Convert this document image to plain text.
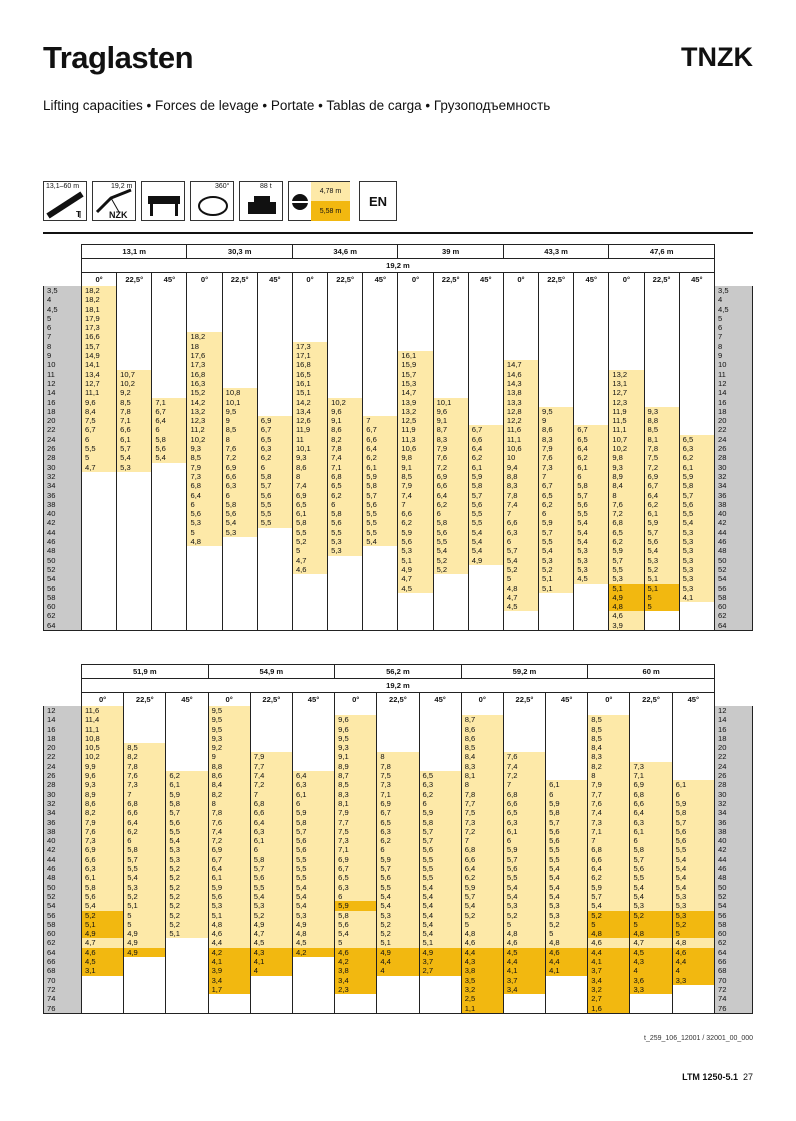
Traglasten	TNZK
Lifting capacities • Forces de levage • Portate • Tablas de carga • Грузоподъемность
13,1–60 m
T
19,2 m
NZK
360°	88 t
4,78 m
5,58 m
EN
	13,1 m			30,3 m			34,6 m			39 m			43,3 m			47,6 m			
	19,2 m																		
	0°	22,5°	45°	0°	22,5°	45°	0°	22,5°	45°	0°	22,5°	45°	0°	22,5°	45°	0°	22,5°	45°	
3,5	18,2																		3,5
4	18,2																		4
4,5	18,1																		4,5
5	17,9																		5
6	17,3																		6
7	16,6			18,2															7
8	15,7			18			17,3												8
9	14,9			17,6			17,1			16,1									9
10	14,1			17,3			16,8			15,9			14,7						10
11	13,4	10,7		16,8			16,5			15,7			14,6			13,2			11
12	12,7	10,2		16,3			16,1			15,3			14,3			13,1			12
14	11,1	9,2		15,2	10,8		15,1			14,7			13,8			12,7			14
16	9,6	8,5	7,1	14,2	10,1		14,2	10,2		13,9	10,1		13,3			12,3			16
18	8,4	7,8	6,7	13,2	9,5		13,4	9,6		13,2	9,6		12,8	9,5		11,9	9,3		18
20	7,5	7,1	6,4	12,3	9	6,9	12,6	9,1	7	12,5	9,1		12,2	9		11,5	8,8		20
22	6,7	6,6	6	11,2	8,5	6,7	11,9	8,6	6,7	11,9	8,7	6,7	11,6	8,6	6,7	11,1	8,5		22
24	6	6,1	5,8	10,2	8	6,5	11	8,2	6,6	11,3	8,3	6,6	11,1	8,3	6,5	10,7	8,1	6,5	24
26	5,5	5,7	5,6	9,3	7,6	6,3	10,1	7,8	6,4	10,6	7,9	6,4	10,6	7,9	6,4	10,2	7,8	6,3	26
28	5	5,4	5,4	8,5	7,2	6,2	9,3	7,4	6,2	9,8	7,6	6,2	10	7,6	6,2	9,8	7,5	6,2	28
30	4,7	5,3		7,9	6,9	6	8,6	7,1	6,1	9,1	7,2	6,1	9,4	7,3	6,1	9,3	7,2	6,1	30
32				7,3	6,6	5,8	8	6,8	5,9	8,5	6,9	5,9	8,8	7	6	8,9	6,9	5,9	32
34				6,8	6,3	5,7	7,4	6,5	5,8	7,9	6,6	5,8	8,3	6,7	5,8	8,4	6,7	5,8	34
36				6,4	6	5,6	6,9	6,2	5,7	7,4	6,4	5,7	7,8	6,5	5,7	8	6,4	5,7	36
38				6	5,8	5,5	6,5	6	5,6	7	6,2	5,6	7,4	6,2	5,6	7,6	6,2	5,6	38
40				5,6	5,6	5,5	6,1	5,8	5,5	6,6	6	5,5	7	6	5,5	7,2	6,1	5,5	40
42				5,3	5,4	5,5	5,8	5,6	5,5	6,2	5,8	5,5	6,6	5,9	5,4	6,8	5,9	5,4	42
44				5	5,3		5,5	5,5	5,5	5,9	5,6	5,4	6,3	5,7	5,4	6,5	5,7	5,3	44
46				4,8			5,2	5,3	5,4	5,6	5,5	5,4	6	5,5	5,4	6,2	5,6	5,3	46
48							5	5,3		5,3	5,4	5,4	5,7	5,4	5,3	5,9	5,4	5,3	48
50							4,7			5,1	5,2	4,9	5,4	5,3	5,3	5,7	5,3	5,3	50
52							4,6			4,9	5,2		5,2	5,2	5,3	5,5	5,2	5,3	52
54										4,7			5	5,1	4,5	5,3	5,1	5,3	54
56										4,5			4,8	5,1		5,1	5,1	5,3	56
58													4,7			4,9	5	4,1	58
60													4,5			4,8	5		60
62																4,6			62
64																3,9			64
	51,9 m			54,9 m			56,2 m			59,2 m			60 m			
	19,2 m															
	0°	22,5°	45°	0°	22,5°	45°	0°	22,5°	45°	0°	22,5°	45°	0°	22,5°	45°	
12	11,6			9,5												12
14	11,4			9,5			9,6			8,7			8,5			14
16	11,1			9,5			9,6			8,6			8,5			16
18	10,8			9,3			9,5			8,6			8,5			18
20	10,5	8,5		9,2			9,3			8,5			8,4			20
22	10,2	8,2		9	7,9		9,1	8		8,4	7,6		8,3			22
24	9,9	7,8		8,8	7,7		8,9	7,8		8,3	7,4		8,2	7,3		24
26	9,6	7,6	6,2	8,6	7,4	6,4	8,7	7,5	6,5	8,1	7,2		8	7,1		26
28	9,3	7,3	6,1	8,4	7,2	6,3	8,5	7,3	6,3	8	7	6,1	7,9	6,9	6,1	28
30	8,9	7	5,9	8,2	7	6,1	8,3	7,1	6,2	7,8	6,8	6	7,7	6,8	6	30
32	8,6	6,8	5,8	8	6,8	6	8,1	6,9	6	7,7	6,6	5,9	7,6	6,6	5,9	32
34	8,2	6,6	5,7	7,8	6,6	5,9	7,9	6,7	5,9	7,5	6,5	5,8	7,4	6,4	5,8	34
36	7,9	6,4	5,6	7,6	6,4	5,8	7,7	6,5	5,8	7,3	6,3	5,7	7,3	6,3	5,7	36
38	7,6	6,2	5,5	7,4	6,3	5,7	7,5	6,3	5,7	7,2	6,1	5,6	7,1	6,1	5,6	38
40	7,3	6	5,4	7,2	6,1	5,6	7,3	6,2	5,7	7	6	5,6	7	6	5,6	40
42	6,9	5,8	5,3	6,9	6	5,6	7,1	6	5,6	6,8	5,9	5,5	6,8	5,8	5,5	42
44	6,6	5,7	5,3	6,7	5,8	5,5	6,9	5,9	5,5	6,6	5,7	5,5	6,6	5,7	5,4	44
46	6,3	5,5	5,2	6,4	5,7	5,5	6,7	5,7	5,5	6,4	5,6	5,4	6,4	5,6	5,4	46
48	6,1	5,4	5,2	6,1	5,6	5,5	6,5	5,6	5,5	6,2	5,5	5,4	6,2	5,5	5,4	48
50	5,8	5,3	5,2	5,9	5,5	5,4	6,3	5,5	5,4	5,9	5,4	5,4	5,9	5,4	5,4	50
52	5,6	5,2	5,2	5,6	5,4	5,4	6	5,4	5,4	5,7	5,4	5,4	5,7	5,4	5,3	52
54	5,4	5,1	5,2	5,3	5,3	5,4	5,9	5,4	5,4	5,4	5,3	5,3	5,4	5,3	5,3	54
56	5,2	5	5,2	5,1	5,2	5,3	5,8	5,3	5,4	5,2	5,2	5,3	5,2	5,2	5,3	56
58	5,1	5	5,2	4,8	4,9	4,9	5,6	5,2	5,4	5	5	5,2	5	5	5,2	58
60	4,9	4,9	5,1	4,6	4,7	4,8	5,4	5,2	5,4	4,8	4,8	5	4,8	4,8	5	60
62	4,7	4,9		4,4	4,5	4,5	5	5,1	5,1	4,6	4,6	4,8	4,6	4,7	4,8	62
64	4,6	4,9		4,2	4,3	4,2	4,6	4,9	4,9	4,4	4,5	4,6	4,4	4,5	4,6	64
66	4,5			4,1	4,1		4,2	4,4	3,7	4,3	4,4	4,4	4,1	4,3	4,4	66
68	3,1			3,9	4		3,8	4	2,7	3,8	4,1	4,1	3,7	4	4	68
70				3,4			3,4			3,5	3,7		3,4	3,6	3,3	70
72				1,7			2,3			3,2	3,4		3,2	3,3		72
74										2,5			2,7			74
76										1,1			1,6			76
t_259_106_12001 / 32001_00_000
LTM 1250-5.1 27
